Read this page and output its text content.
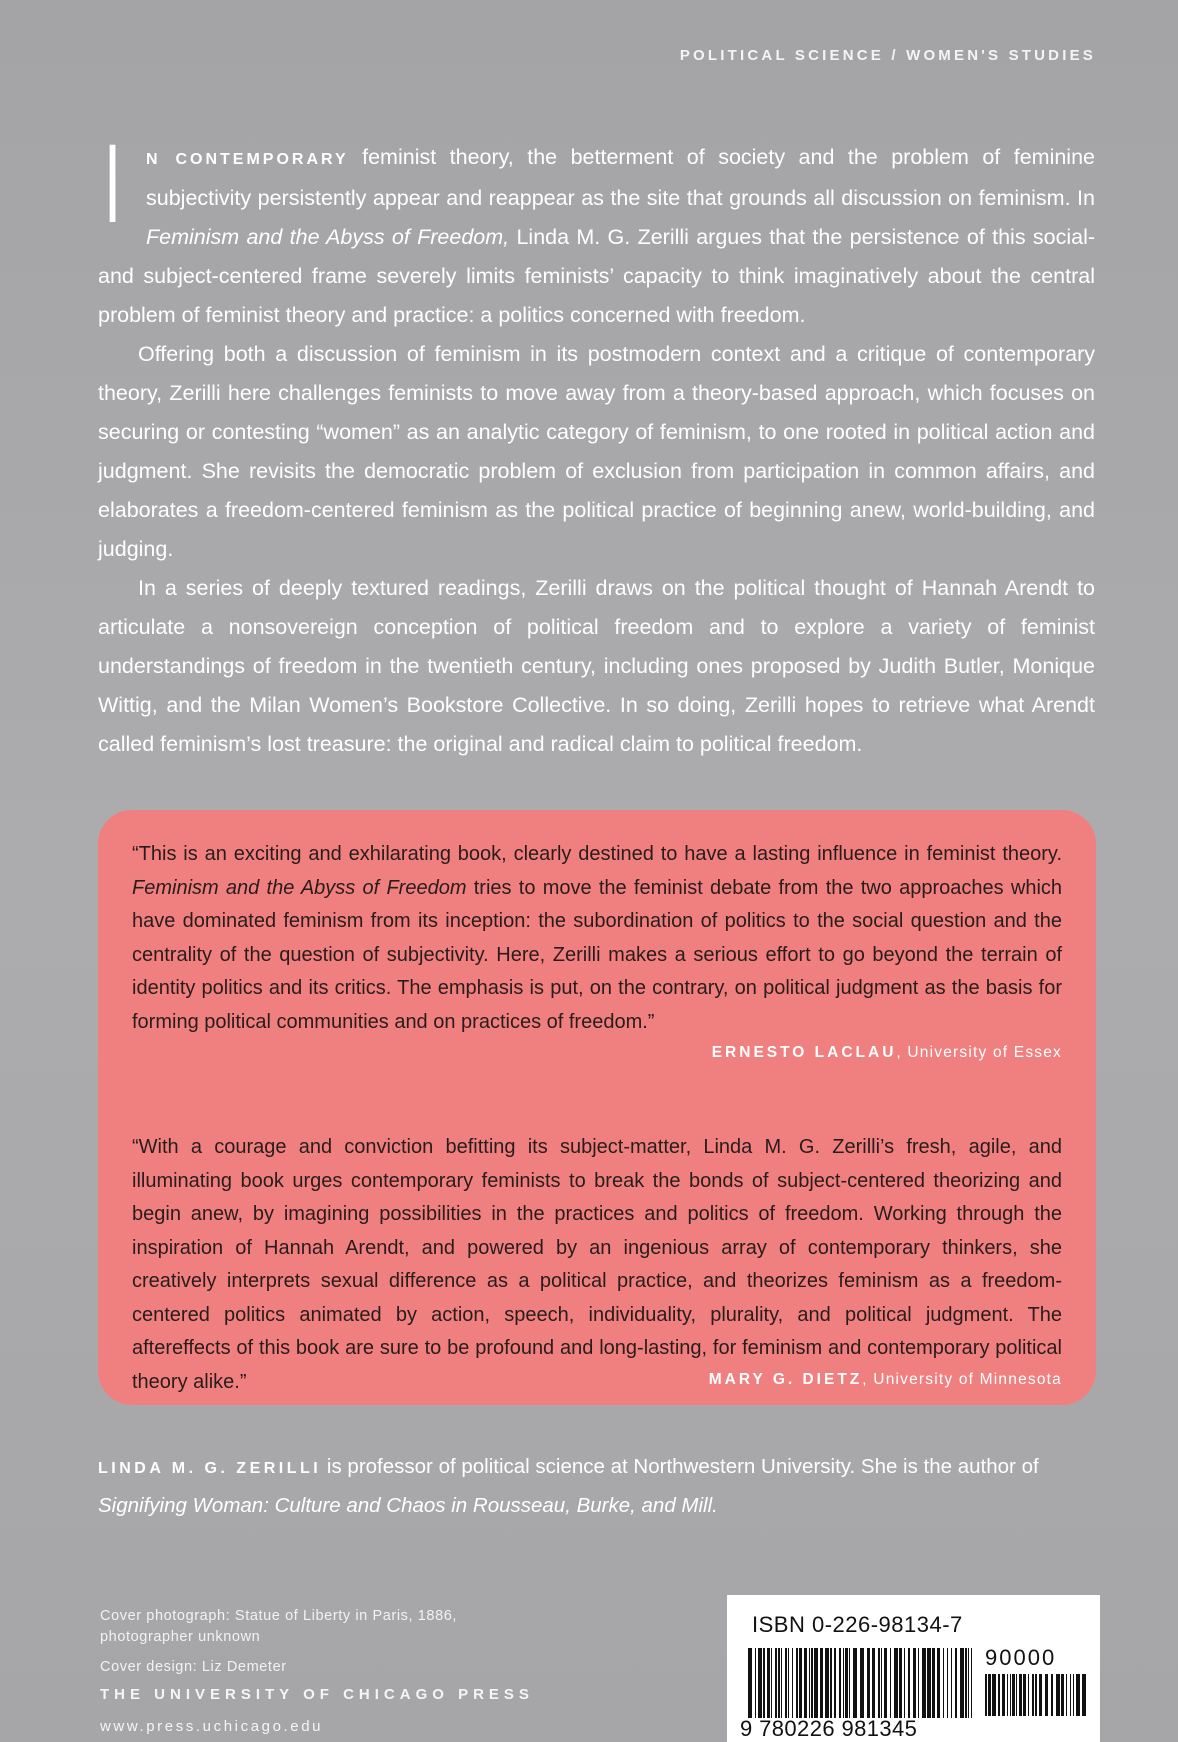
POLITICAL SCIENCE / WOMEN'S STUDIES

I N CONTEMPORARY feminist theory, the betterment of society and the problem of feminine subjectivity persistently appear and reappear as the site that grounds all discussion on feminism. In Feminism and the Abyss of Freedom, Linda M. G. Zerilli argues that the persistence of this social- and subject-centered frame severely limits feminists’ capacity to think imaginatively about the central problem of feminist theory and practice: a politics concerned with freedom.

Offering both a discussion of feminism in its postmodern context and a critique of contemporary theory, Zerilli here challenges feminists to move away from a theory-based approach, which focuses on securing or contesting “women” as an analytic category of feminism, to one rooted in political action and judgment. She revisits the democratic problem of exclusion from participation in common affairs, and elaborates a freedom-centered feminism as the political practice of beginning anew, world-building, and judging.

In a series of deeply textured readings, Zerilli draws on the political thought of Hannah Arendt to articulate a nonsovereign conception of political freedom and to explore a variety of feminist understandings of freedom in the twentieth century, including ones proposed by Judith Butler, Monique Wittig, and the Milan Women’s Bookstore Collective. In so doing, Zerilli hopes to retrieve what Arendt called feminism’s lost treasure: the original and radical claim to political freedom.

“This is an exciting and exhilarating book, clearly destined to have a lasting influence in feminist theory. Feminism and the Abyss of Freedom tries to move the feminist debate from the two approaches which have dominated feminism from its inception: the subordination of politics to the social question and the centrality of the question of subjectivity. Here, Zerilli makes a serious effort to go beyond the terrain of identity politics and its critics. The emphasis is put, on the contrary, on political judgment as the basis for forming political communities and on practices of freedom.”

ERNESTO LACLAU, University of Essex

“With a courage and conviction befitting its subject-matter, Linda M. G. Zerilli’s fresh, agile, and illuminating book urges contemporary feminists to break the bonds of subject-centered theorizing and begin anew, by imagining possibilities in the practices and politics of freedom. Working through the inspiration of Hannah Arendt, and powered by an ingenious array of contemporary thinkers, she creatively interprets sexual difference as a political practice, and theorizes feminism as a freedom-centered politics animated by action, speech, individuality, plurality, and political judgment. The aftereffects of this book are sure to be profound and long-lasting, for feminism and contemporary political theory alike.”	MARY G. DIETZ, University of Minnesota

LINDA M. G. ZERILLI is professor of political science at Northwestern University. She is the author of Signifying Woman: Culture and Chaos in Rousseau, Burke, and Mill.

Cover photograph: Statue of Liberty in Paris, 1886,
photographer unknown

Cover design: Liz Demeter

THE UNIVERSITY OF CHICAGO PRESS
www.press.uchicago.edu
ISBN 0-226-98134-7
90000
9 780226 981345
